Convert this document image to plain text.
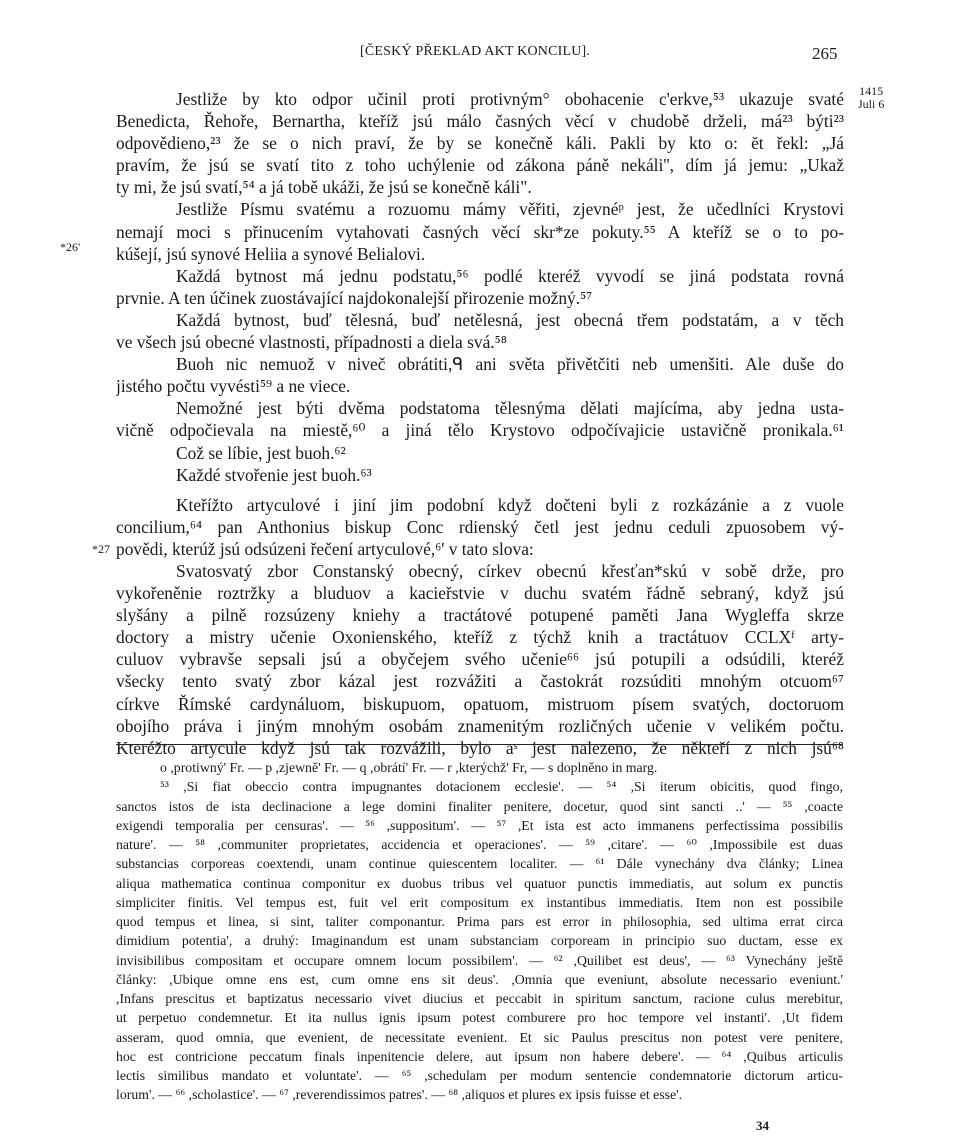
[ČESKÝ PŘEKLAD AKT KONCILU].	265
1415
Juli 6
*26'
*27
Jestliže by kto odpor učinil proti protivným° obohacenie c'erkve,⁵³ ukazuje svaté
Benedicta, Řehoře, Bernartha, kteříž jsú málo časných věcí v chudobě drželi, má²³ býti²³
odpovědieno,²³ že se o nich praví, že by se konečně káli. Pakli by kto o: ĕt řekl: „Já
pravím, že jsú se svatí tito z toho uchýlenie od zákona páně nekáli'', dím já jemu: „Ukaž
ty mi, že jsú svatí,⁵⁴ a já tobě ukáži, že jsú se konečně káli".
Jestliže Písmu svatému a rozuomu mámy věřiti, zjevnéᵖ jest, že učedlníci Krystovi
nemají moci s přinucením vytahovati časných věcí skr*ze pokuty.⁵⁵ A kteříž se o to po-
kúšejí, jsú synové Heliia a synové Belialovi.
Každá bytnost má jednu podstatu,⁵⁶ podlé kteréž vyvodí se jiná podstata rovná
prvnie. A ten účinek zuostávající najdokonalejší přirozenie možný.⁵⁷
Každá bytnost, buď tělesná, buď netělesná, jest obecná třem podstatám, a v těch
ve všech jsú obecné vlastnosti, případnosti a diela svá.⁵⁸
Buoh nic nemuož v niveč obrátiti,ᑫ ani světa přivětčiti neb umenšiti. Ale duše do
jistého počtu vyvésti⁵⁹ a ne viece.
Nemožné jest býti dvěma podstatoma tělesnýma dělati majícíma, aby jedna usta-
vičně odpočievala na miestě,⁶⁰ a jiná tělo Krystovo odpočívajicie ustavičně pronikala.⁶¹
Což se líbie, jest buoh.⁶²
Každé stvořenie jest buoh.⁶³
Kteřížto artyculové i jiní jim podobní když dočteni byli z rozkázánie a z vuole
concilium,⁶⁴ pan Anthonius biskup Conc rdienský četl jest jednu ceduli zpuosobem vý-
povědi, kterúž jsú odsúzeni řečení artyculové,⁶' v tato slova:
Svatosvatý zbor Constanský obecný, církev obecnú křesťan*skú v sobě drže, pro
vykořeněnie roztržky a bluduov a kacieřstvie v duchu svatém řádně sebraný, když jsú
slyšány a pilně rozsúzeny kniehy a tractátové potupené paměti Jana Wygleffa skrze
doctory a mistry učenie Oxonienského, kteříž z týchž knih a tractátuov CCLXᶠ arty-
culuov vybravše sepsali jsú a obyčejem svého učenie⁶⁶ jsú potupili a odsúdili, kteréž
všecky tento svatý zbor kázal jest rozvážiti a častokrát rozsúditi mnohým otcuom⁶⁷
církve Římské cardynáluom, biskupuom, opatuom, mistruom písem svatých, doctoruom
obojího práva i jiným mnohým osobám znamenitým rozličných učenie v velikém počtu.
Kteréžto artycule když jsú tak rozvážili, bylo aˢ jest nalezeno, že někteří z nich jsú⁶⁸
o ,protiwný' Fr. — p ,zjewně' Fr. — q ,obrátí' Fr. — r ,kterýchž' Fr, — s doplněno in marg.
⁵³ ,Si fiat obeccio contra impugnantes dotacionem ecclesie'. — ⁵⁴ ,Si iterum obicitis, quod fingo,
sanctos istos de ista declinacione a lege domini finaliter penitere, docetur, quod sint sancti ..' — ⁵⁵ ,coacte
exigendi temporalia per censuras'. — ⁵⁶ ,suppositum'. — ⁵⁷ ,Et ista est acto immanens perfectissima possibilis
nature'. — ⁵⁸ ,communiter proprietates, accidencia et operaciones'. — ⁵⁹ ,citare'. — ⁶⁰ ,Impossibile est duas
substancias corporeas coextendi, unam continue quiescentem localiter. — ⁶¹ Dále vynechány dva články; Linea
aliqua mathematica continua componitur ex duobus tribus vel quatuor punctis immediatis, aut solum ex punctis
simpliciter finitis. Vel tempus est, fuit vel erit compositum ex instantibus immediatis. Item non est possibile
quod tempus et linea, si sint, taliter componantur. Prima pars est error in philosophia, sed ultima errat circa
dimidium potentia', a druhý: Imaginandum est unam substanciam corpoream in principio suo ductam, esse ex
invisibilibus compositam et occupare omnem locum possibilem'. — ⁶² ,Quilibet est deus', — ⁶³ Vynechány ještě
články: ,Ubique omne ens est, cum omne ens sit deus'. ,Omnia que eveniunt, absolute necessario eveniunt.'
,Infans prescitus et baptizatus necessario vivet diucius et peccabit in spiritum sanctum, racione culus merebitur,
ut perpetuo condemnetur. Et ita nullus ignis ipsum potest comburere pro hoc tempore vel instanti'. ,Ut fidem
asseram, quod omnia, que evenient, de necessitate evenient. Et sic Paulus prescitus non potest vere penitere,
hoc est contricione peccatum finals inpenitencie delere, aut ipsum non habere debere'. — ⁶⁴ ,Quibus articulis
lectis similibus mandato et voluntate'. — ⁶⁵ ,schedulam per modum sentencie condemnatorie dictorum articu-
lorum'. — ⁶⁶ ,scholastice'. — ⁶⁷ ,reverendissimos patres'. — ⁶⁸ ,aliquos et plures ex ipsis fuisse et esse'.
34
